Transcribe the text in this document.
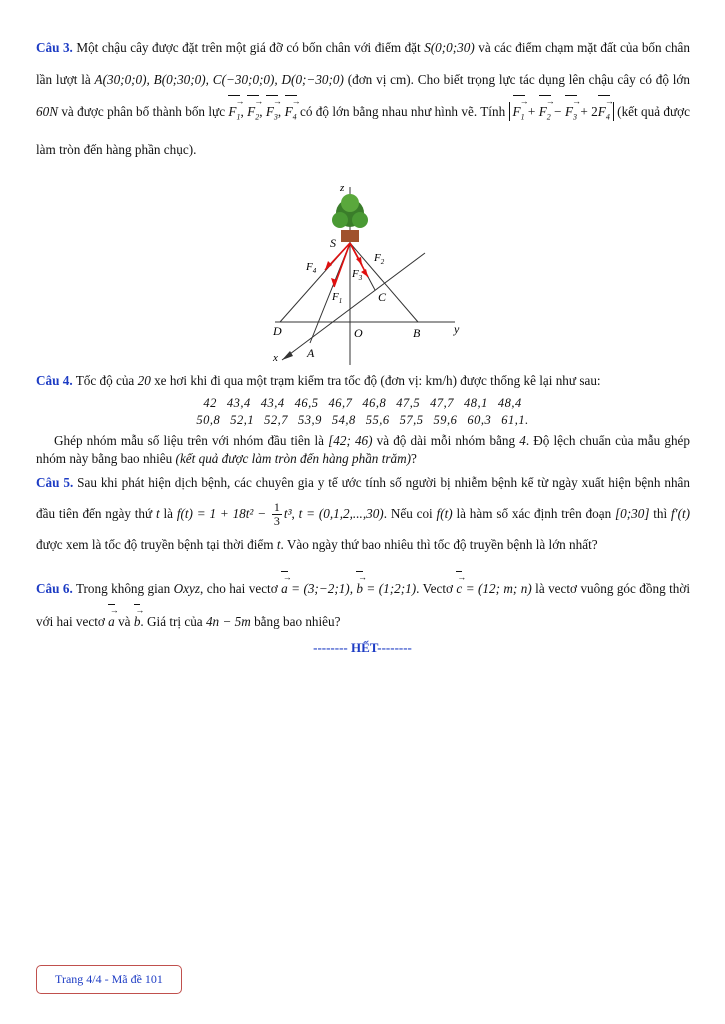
Câu 3. Một chậu cây được đặt trên một giá đỡ có bốn chân với điểm đặt S(0;0;30) và các điểm chạm mặt đất của bốn chân lần lượt là A(30;0;0), B(0;30;0), C(−30;0;0), D(0;−30;0) (đơn vị cm). Cho biết trọng lực tác dụng lên chậu cây có độ lớn 60N và được phân bố thành bốn lực $F_1$ →, $F_2$ →, $F_3$ →, $F_4$ → có độ lớn bằng nhau như hình vẽ. Tính $F_1$ → + $F_2$ → − $F_3$ → + $2F_4$ → (kết quả được làm tròn đến hàng phần chục).
z
S
D	O	B	y
C
A
x
$F_4$
$F_2$
$F_3$
$F_1$
Câu 4. Tốc độ của 20 xe hơi khi đi qua một trạm kiểm tra tốc độ (đơn vị: km/h) được thống kê lại như sau:
42 43,4 43,4 46,5 46,7 46,8 47,5 47,7 48,1 48,4
50,8 52,1 52,7 53,9 54,8 55,6 57,5 59,6 60,3 61,1.
Ghép nhóm mẫu số liệu trên với nhóm đầu tiên là [42; 46) và độ dài mỗi nhóm bằng 4. Độ lệch chuẩn của mẫu ghép nhóm này bằng bao nhiêu (kết quả được làm tròn đến hàng phần trăm)?
Câu 5. Sau khi phát hiện dịch bệnh, các chuyên gia y tế ước tính số người bị nhiễm bệnh kể từ ngày xuất hiện bệnh nhân đầu tiên đến ngày thứ t là $f(t) = 1 + 18t^2 - \frac{1}{3} t^3$, t = (0,1,2,...,30). Nếu coi f(t) là hàm số xác định trên đoạn [0;30] thì f′(t) được xem là tốc độ truyền bệnh tại thời điểm t. Vào ngày thứ bao nhiêu thì tốc độ truyền bệnh là lớn nhất?
Câu 6. Trong không gian Oxyz, cho hai vectơ a → = (3;−2;1), b → = (1;2;1). Vectơ c → = (12; m; n) là vectơ vuông góc đồng thời với hai vectơ a → và b →. Giá trị của 4n − 5m bằng bao nhiêu?
-------- HẾT--------
Trang 4/4 - Mã đề 101
